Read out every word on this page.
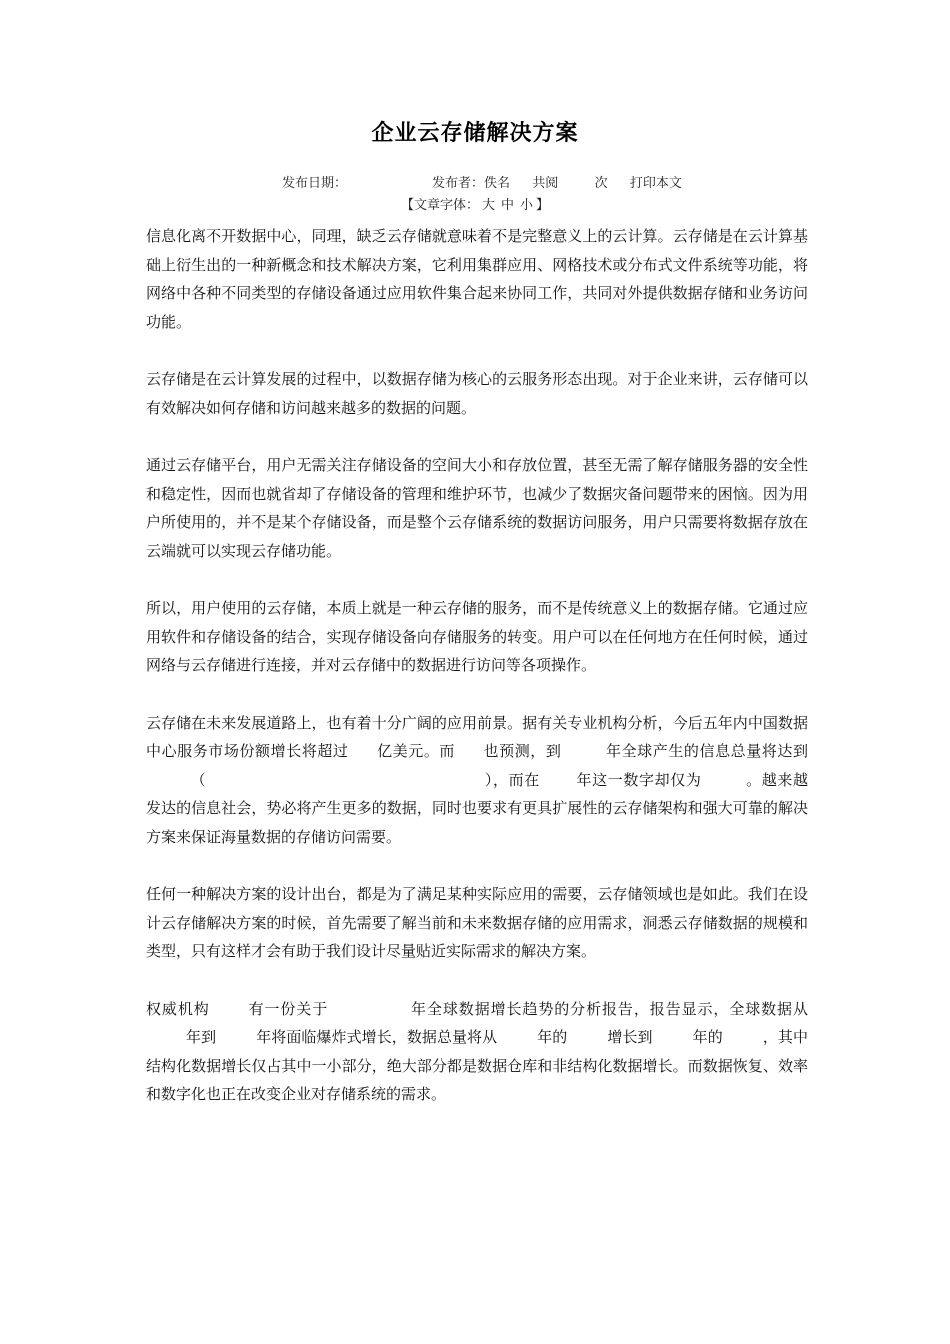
企业云存储解决方案
发布日期：	发布者：佚名 共阅	次 打印本文
【文章字体： 大 中 小 】

信息化离不开数据中心，同理，缺乏云存储就意味着不是完整意义上的云计算。云存储是在云计算基础上衍生出的一种新概念和技术解决方案，它利用集群应用、网格技术或分布式文件系统等功能，将网络中各种不同类型的存储设备通过应用软件集合起来协同工作，共同对外提供数据存储和业务访问功能。

云存储是在云计算发展的过程中，以数据存储为核心的云服务形态出现。对于企业来讲，云存储可以有效解决如何存储和访问越来越多的数据的问题。

通过云存储平台，用户无需关注存储设备的空间大小和存放位置，甚至无需了解存储服务器的安全性和稳定性，因而也就省却了存储设备的管理和维护环节，也减少了数据灾备问题带来的困恼。因为用户所使用的，并不是某个存储设备，而是整个云存储系统的数据访问服务，用户只需要将数据存放在云端就可以实现云存储功能。

所以，用户使用的云存储，本质上就是一种云存储的服务，而不是传统意义上的数据存储。它通过应用软件和存储设备的结合，实现存储设备向存储服务的转变。用户可以在任何地方在任何时候，通过网络与云存储进行连接，并对云存储中的数据进行访问等各项操作。

云存储在未来发展道路上，也有着十分广阔的应用前景。据有关专业机构分析，今后五年内中国数据中心服务市场份额增长将超过 亿美元。而 也预测，到	年全球产生的信息总量将达到（	），而在 年这一数字却仅为	。越来越发达的信息社会，势必将产生更多的数据，同时也要求有更具扩展性的云存储架构和强大可靠的解决方案来保证海量数据的存储访问需要。

任何一种解决方案的设计出台，都是为了满足某种实际应用的需要，云存储领域也是如此。我们在设计云存储解决方案的时候，首先需要了解当前和未来数据存储的应用需求，洞悉云存储数据的规模和类型，只有这样才会有助于我们设计尽量贴近实际需求的解决方案。

权威机构	有一份关于	年全球数据增长趋势的分析报告，报告显示，全球数据从年到	年将面临爆炸式增长，数据总量将从	年的	增长到	年的	，其中结构化数据增长仅占其中一小部分，绝大部分都是数据仓库和非结构化数据增长。而数据恢复、效率和数字化也正在改变企业对存储系统的需求。
